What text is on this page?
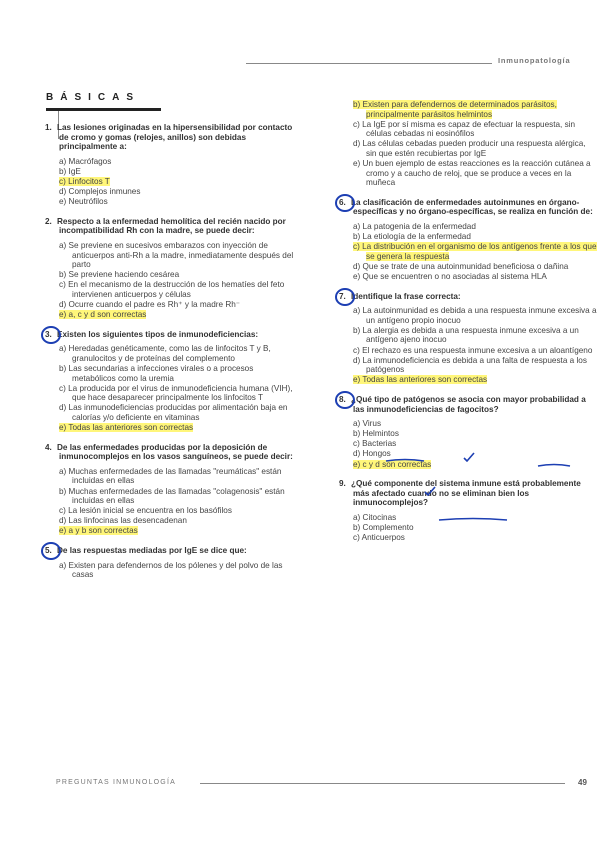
Inmunopatología
BÁSICAS
1. Las lesiones originadas en la hipersensibilidad por contacto de cromo y gomas (relojes, anillos) son debidas principalmente a:
a) Macrófagos
b) IgE
c) Linfocitos T
d) Complejos inmunes
e) Neutrófilos
2. Respecto a la enfermedad hemolítica del recién nacido por incompatibilidad Rh con la madre, se puede decir:
a) Se previene en sucesivos embarazos con inyección de anticuerpos anti-Rh a la madre, inmediatamente después del parto
b) Se previene haciendo cesárea
c) En el mecanismo de la destrucción de los hematíes del feto intervienen anticuerpos y células
d) Ocurre cuando el padre es Rh⁺ y la madre Rh⁻
e) a, c y d son correctas
3. Existen los siguientes tipos de inmunodeficiencias:
a) Heredadas genéticamente, como las de linfocitos T y B, granulocitos y de proteínas del complemento
b) Las secundarias a infecciones virales o a procesos metabólicos como la uremia
c) La producida por el virus de inmunodeficiencia humana (VIH), que hace desaparecer principalmente los linfocitos T
d) Las inmunodeficiencias producidas por alimentación baja en calorías y/o deficiente en vitaminas
e) Todas las anteriores son correctas
4. De las enfermedades producidas por la deposición de inmunocomplejos en los vasos sanguíneos, se puede decir:
a) Muchas enfermedades de las llamadas "reumáticas" están incluidas en ellas
b) Muchas enfermedades de las llamadas "colagenosis" están incluidas en ellas
c) La lesión inicial se encuentra en los basófilos
d) Las linfocinas las desencadenan
e) a y b son correctas
5. De las respuestas mediadas por IgE se dice que:
a) Existen para defendernos de los pólenes y del polvo de las casas
b) Existen para defendernos de determinados parásitos, principalmente parásitos helmintos
c) La IgE por sí misma es capaz de efectuar la respuesta, sin células cebadas ni eosinófilos
d) Las células cebadas pueden producir una respuesta alérgica, sin que estén recubiertas por IgE
e) Un buen ejemplo de estas reacciones es la reacción cutánea a cromo y a caucho de reloj, que se produce a veces en la muñeca
6. La clasificación de enfermedades autoinmunes en órgano-específicas y no órgano-específicas, se realiza en función de:
a) La patogenia de la enfermedad
b) La etiología de la enfermedad
c) La distribución en el organismo de los antígenos frente a los que se genera la respuesta
d) Que se trate de una autoinmunidad beneficiosa o dañina
e) Que se encuentren o no asociadas al sistema HLA
7. Identifique la frase correcta:
a) La autoinmunidad es debida a una respuesta inmune excesiva a un antígeno propio inocuo
b) La alergia es debida a una respuesta inmune excesiva a un antígeno ajeno inocuo
c) El rechazo es una respuesta inmune excesiva a un aloantígeno
d) La inmunodeficiencia es debida a una falta de respuesta a los patógenos
e) Todas las anteriores son correctas
8. ¿Qué tipo de patógenos se asocia con mayor probabilidad a las inmunodeficiencias de fagocitos?
a) Virus
b) Helmintos
c) Bacterias
d) Hongos
e) c y d son correctas
9. ¿Qué componente del sistema inmune está probablemente más afectado cuando no se eliminan bien los inmunocomplejos?
a) Citocinas
b) Complemento
c) Anticuerpos
PREGUNTAS INMUNOLOGÍA	49
